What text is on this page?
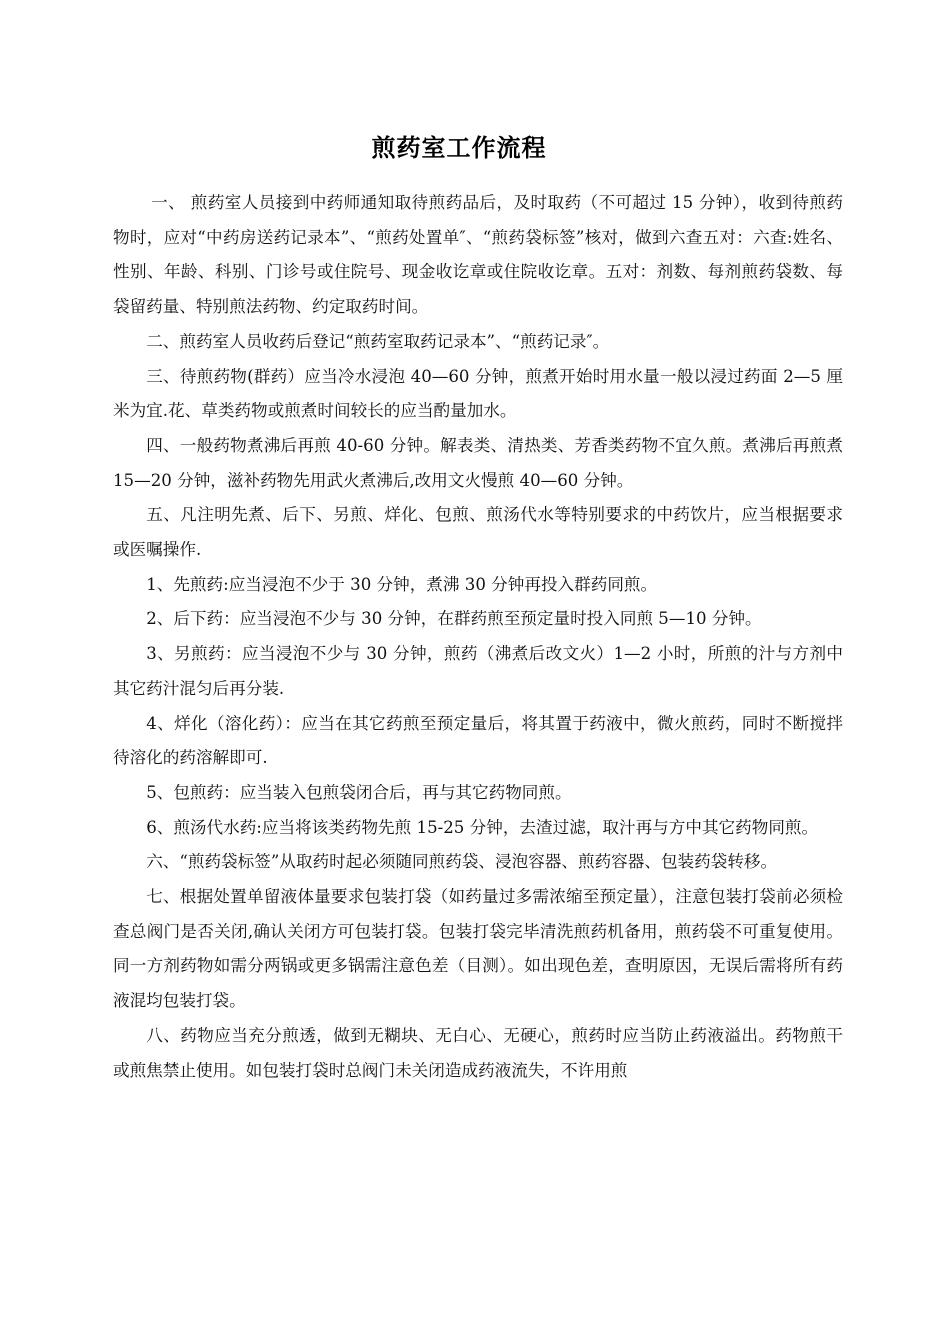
煎药室工作流程

一、 煎药室人员接到中药师通知取待煎药品后，及时取药（不可超过 15 分钟），收到待煎药物时，应对“中药房送药记录本”、“煎药处置单″、“煎药袋标签”核对，做到六查五对：六查:姓名、性别、年龄、科别、门诊号或住院号、现金收讫章或住院收讫章。五对：剂数、每剂煎药袋数、每袋留药量、特别煎法药物、约定取药时间。

二、煎药室人员收药后登记“煎药室取药记录本”、“煎药记录″。

三、待煎药物(群药）应当冷水浸泡 40—60 分钟，煎煮开始时用水量一般以浸过药面 2—5 厘米为宜.花、草类药物或煎煮时间较长的应当酌量加水。

四、一般药物煮沸后再煎 40-60 分钟。解表类、清热类、芳香类药物不宜久煎。煮沸后再煎煮 15—20 分钟，滋补药物先用武火煮沸后,改用文火慢煎 40—60 分钟。

五、凡注明先煮、后下、另煎、烊化、包煎、煎汤代水等特别要求的中药饮片，应当根据要求或医嘱操作.

1、先煎药:应当浸泡不少于 30 分钟，煮沸 30 分钟再投入群药同煎。

2、后下药：应当浸泡不少与 30 分钟，在群药煎至预定量时投入同煎 5—10 分钟。

3、另煎药：应当浸泡不少与 30 分钟，煎药（沸煮后改文火）1—2 小时，所煎的汁与方剂中其它药汁混匀后再分装.

4、烊化（溶化药）：应当在其它药煎至预定量后，将其置于药液中，微火煎药，同时不断搅拌待溶化的药溶解即可.

5、包煎药：应当装入包煎袋闭合后，再与其它药物同煎。

6、煎汤代水药:应当将该类药物先煎 15-25 分钟，去渣过滤，取汁再与方中其它药物同煎。

六、“煎药袋标签”从取药时起必须随同煎药袋、浸泡容器、煎药容器、包装药袋转移。

七、根据处置单留液体量要求包装打袋（如药量过多需浓缩至预定量），注意包装打袋前必须检查总阀门是否关闭,确认关闭方可包装打袋。包装打袋完毕清洗煎药机备用，煎药袋不可重复使用。同一方剂药物如需分两锅或更多锅需注意色差（目测）。如出现色差，查明原因，无误后需将所有药液混均包装打袋。

八、药物应当充分煎透，做到无糊块、无白心、无硬心，煎药时应当防止药液溢出。药物煎干或煎焦禁止使用。如包装打袋时总阀门未关闭造成药液流失，不许用煎
